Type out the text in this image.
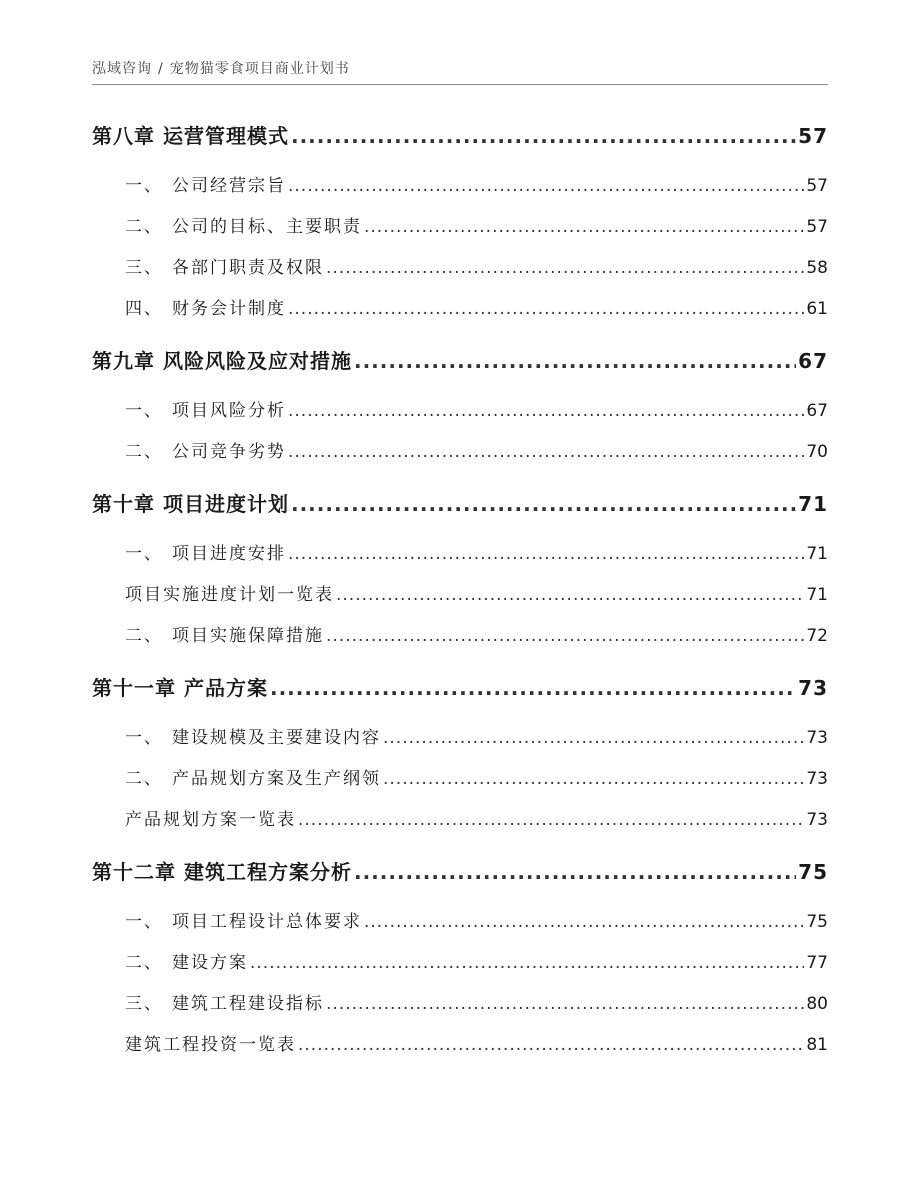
泓域咨询 / 宠物猫零食项目商业计划书
第八章 运营管理模式 .....	57
一、 公司经营宗旨 .....	57
二、 公司的目标、主要职责 .....	57
三、 各部门职责及权限 .....	58
四、 财务会计制度 .....	61
第九章 风险风险及应对措施 .....	67
一、 项目风险分析 .....	67
二、 公司竞争劣势 .....	70
第十章 项目进度计划 .....	71
一、 项目进度安排 .....	71
项目实施进度计划一览表 .....	71
二、 项目实施保障措施 .....	72
第十一章 产品方案 .....	73
一、 建设规模及主要建设内容 .....	73
二、 产品规划方案及生产纲领 .....	73
产品规划方案一览表 .....	73
第十二章 建筑工程方案分析 .....	75
一、 项目工程设计总体要求 .....	75
二、 建设方案 .....	77
三、 建筑工程建设指标 .....	80
建筑工程投资一览表 .....	81
